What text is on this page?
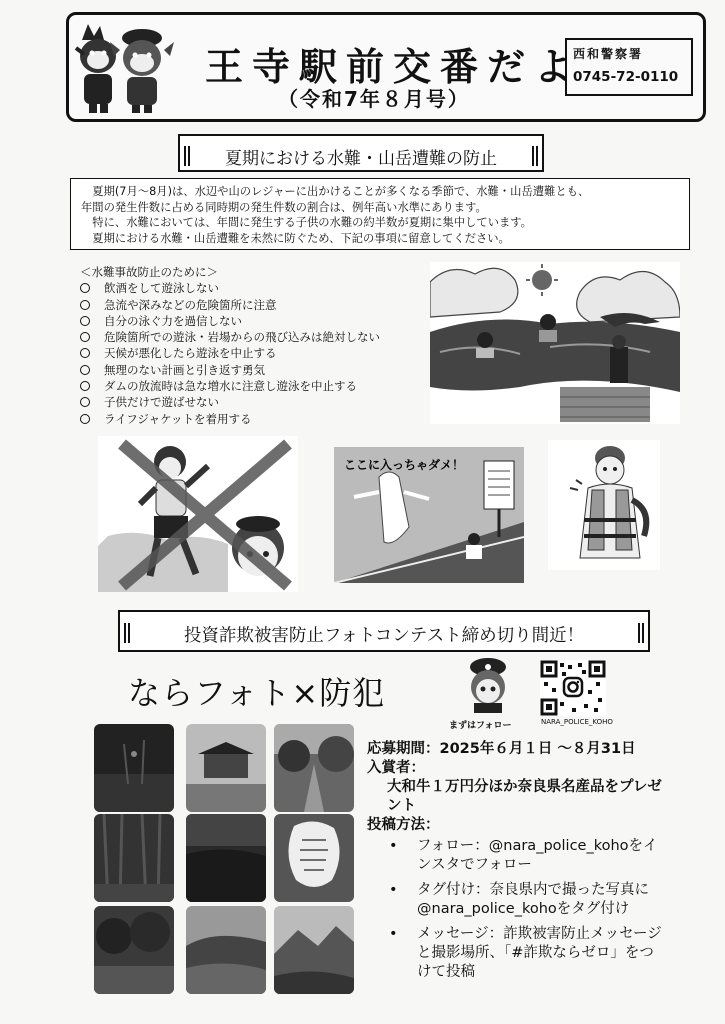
王寺駅前交番だよ
（令和7年８月号）
西和警察署
0745-72-0110
夏期における水難・山岳遭難の防止

夏期(7月～8月)は、水辺や山のレジャーに出かけることが多くなる季節で、水難・山岳遭難とも、

年間の発生件数に占める同時期の発生件数の割合は、例年高い水準にあります。

特に、水難においては、年間に発生する子供の水難の約半数が夏期に集中しています。

夏期における水難・山岳遭難を未然に防ぐため、下記の事項に留意してください。

＜水難事故防止のために＞
飲酒をして遊泳しない
急流や深みなどの危険箇所に注意
自分の泳ぐ力を過信しない
危険箇所での遊泳・岩場からの飛び込みは絶対しない
天候が悪化したら遊泳を中止する
無理のない計画と引き返す勇気
ダムの放流時は急な増水に注意し遊泳を中止する
子供だけで遊ばせない
ライフジャケットを着用する
ここに入っちゃダメ！
投資詐欺被害防止フォトコンテスト締め切り間近！
ならフォト×防犯
まずはフォロー	NARA_POLICE_KOHO
応募期間：2025年６月１日 ～８月31日
入賞者：
大和牛１万円分ほか奈良県名産品をプレゼント
投稿方法：
• フォロー：@nara_police_kohoをインスタでフォロー
• タグ付け：奈良県内で撮った写真に@nara_police_kohoをタグ付け
• メッセージ：詐欺被害防止メッセージと撮影場所、「#詐欺ならゼロ」をつけて投稿
